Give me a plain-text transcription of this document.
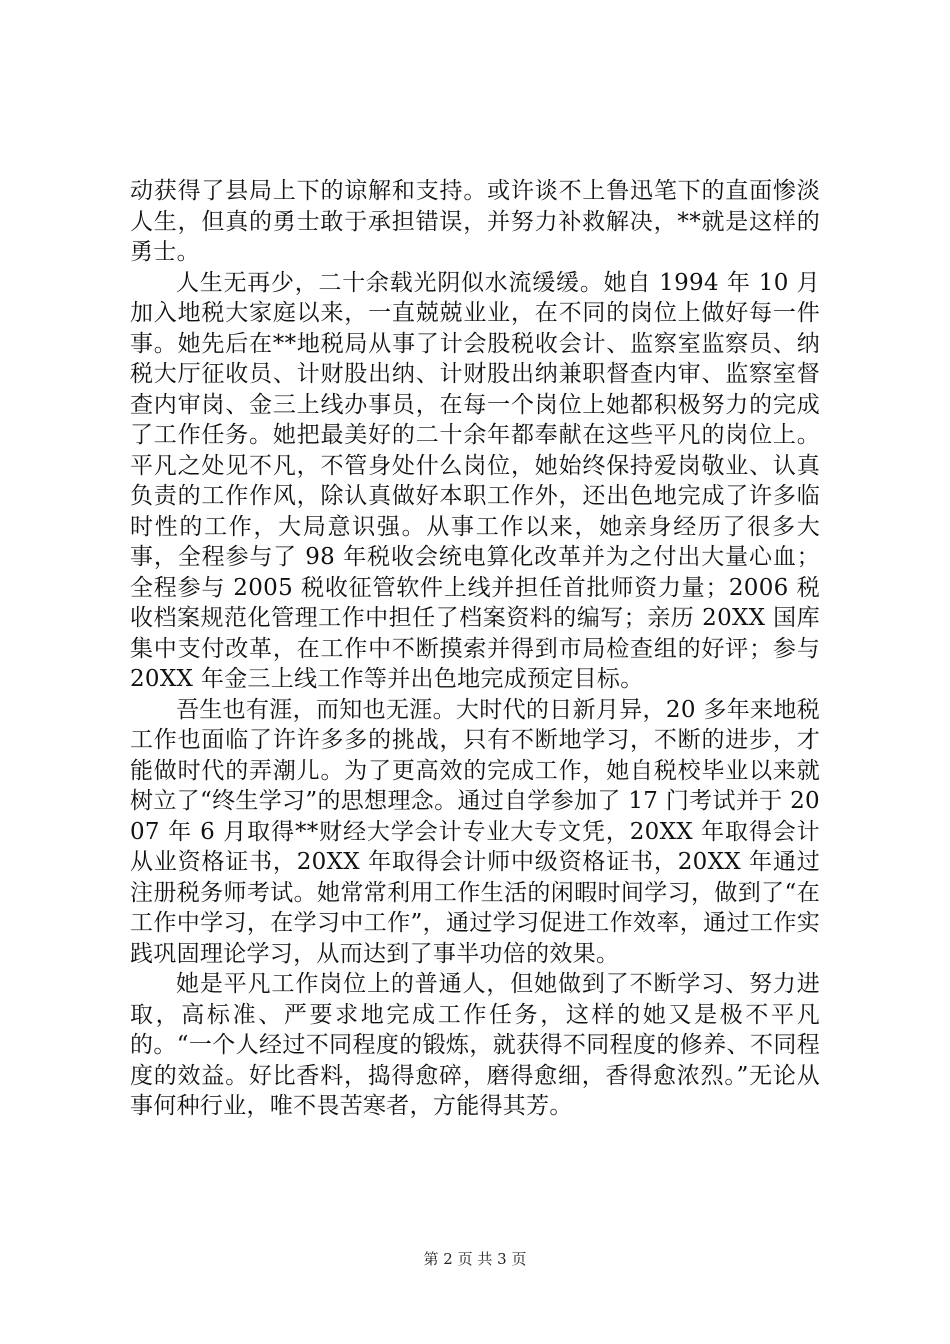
动获得了县局上下的谅解和支持。或许谈不上鲁迅笔下的直面惨淡人生，但真的勇士敢于承担错误，并努力补救解决，**就是这样的勇士。

人生无再少，二十余载光阴似水流缓缓。她自 1994 年 10 月加入地税大家庭以来，一直兢兢业业，在不同的岗位上做好每一件事。她先后在**地税局从事了计会股税收会计、监察室监察员、纳税大厅征收员、计财股出纳、计财股出纳兼职督查内审、监察室督查内审岗、金三上线办事员，在每一个岗位上她都积极努力的完成了工作任务。她把最美好的二十余年都奉献在这些平凡的岗位上。平凡之处见不凡，不管身处什么岗位，她始终保持爱岗敬业、认真负责的工作作风，除认真做好本职工作外，还出色地完成了许多临时性的工作，大局意识强。从事工作以来，她亲身经历了很多大事，全程参与了 98 年税收会统电算化改革并为之付出大量心血；全程参与 2005 税收征管软件上线并担任首批师资力量；2006 税收档案规范化管理工作中担任了档案资料的编写；亲历 20XX 国库集中支付改革，在工作中不断摸索并得到市局检查组的好评；参与 20XX 年金三上线工作等并出色地完成预定目标。

吾生也有涯，而知也无涯。大时代的日新月异，20 多年来地税工作也面临了许许多多的挑战，只有不断地学习，不断的进步，才能做时代的弄潮儿。为了更高效的完成工作，她自税校毕业以来就树立了“终生学习”的思想理念。通过自学参加了 17 门考试并于 2007 年 6 月取得**财经大学会计专业大专文凭，20XX 年取得会计从业资格证书，20XX 年取得会计师中级资格证书，20XX 年通过注册税务师考试。她常常利用工作生活的闲暇时间学习，做到了“在工作中学习，在学习中工作”，通过学习促进工作效率，通过工作实践巩固理论学习，从而达到了事半功倍的效果。

她是平凡工作岗位上的普通人，但她做到了不断学习、努力进取，高标准、严要求地完成工作任务，这样的她又是极不平凡的。“一个人经过不同程度的锻炼，就获得不同程度的修养、不同程度的效益。好比香料，捣得愈碎，磨得愈细，香得愈浓烈。”无论从事何种行业，唯不畏苦寒者，方能得其芳。

第 2 页 共 3 页
